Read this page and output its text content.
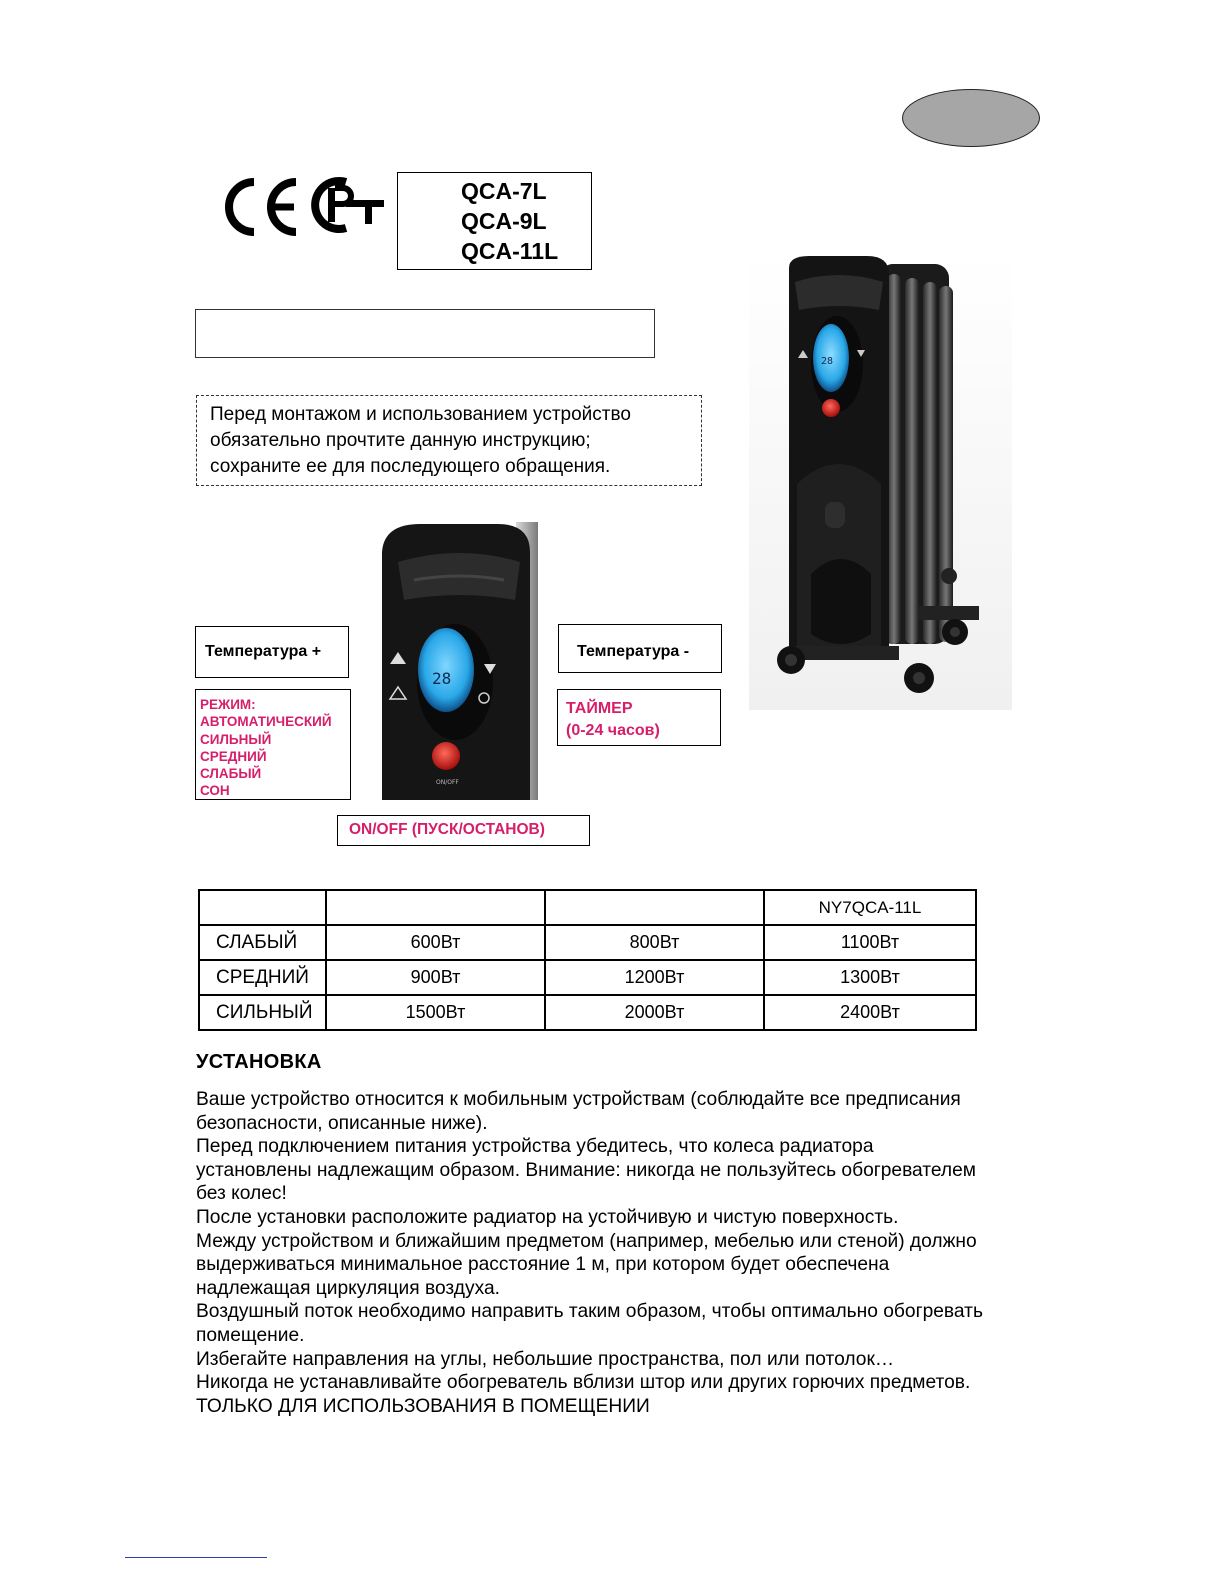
QCA-7L
QCA-9L
QCA-11L
Перед монтажом и использованием устройство
обязательно прочтите данную инструкцию;
сохраните ее для последующего обращения.
28
ON/OFF
Температура +	Температура -
РЕЖИМ:
АВТОМАТИЧЕСКИЙ
СИЛЬНЫЙ
СРЕДНИЙ
СЛАБЫЙ
СОН
ТАЙМЕР
(0-24 часов)
ON/OFF (ПУСК/ОСТАНОВ)
28
			NY7QCA-11L
СЛАБЫЙ	600Вт	800Вт	1100Вт
СРЕДНИЙ	900Вт	1200Вт	1300Вт
СИЛЬНЫЙ	1500Вт	2000Вт	2400Вт
УСТАНОВКА
Ваше устройство относится к мобильным устройствам (соблюдайте все предписания
безопасности, описанные ниже).
Перед подключением питания устройства убедитесь, что колеса радиатора
установлены надлежащим образом. Внимание: никогда не пользуйтесь обогревателем
без колес!
После установки расположите радиатор на устойчивую и чистую поверхность.
Между устройством и ближайшим предметом (например, мебелью или стеной) должно
выдерживаться минимальное расстояние 1 м, при котором будет обеспечена
надлежащая циркуляция воздуха.
Воздушный поток необходимо направить таким образом, чтобы оптимально обогревать
помещение.
Избегайте направления на углы, небольшие пространства, пол или потолок…
Никогда не устанавливайте обогреватель вблизи штор или других горючих предметов.
ТОЛЬКО ДЛЯ ИСПОЛЬЗОВАНИЯ В ПОМЕЩЕНИИ
